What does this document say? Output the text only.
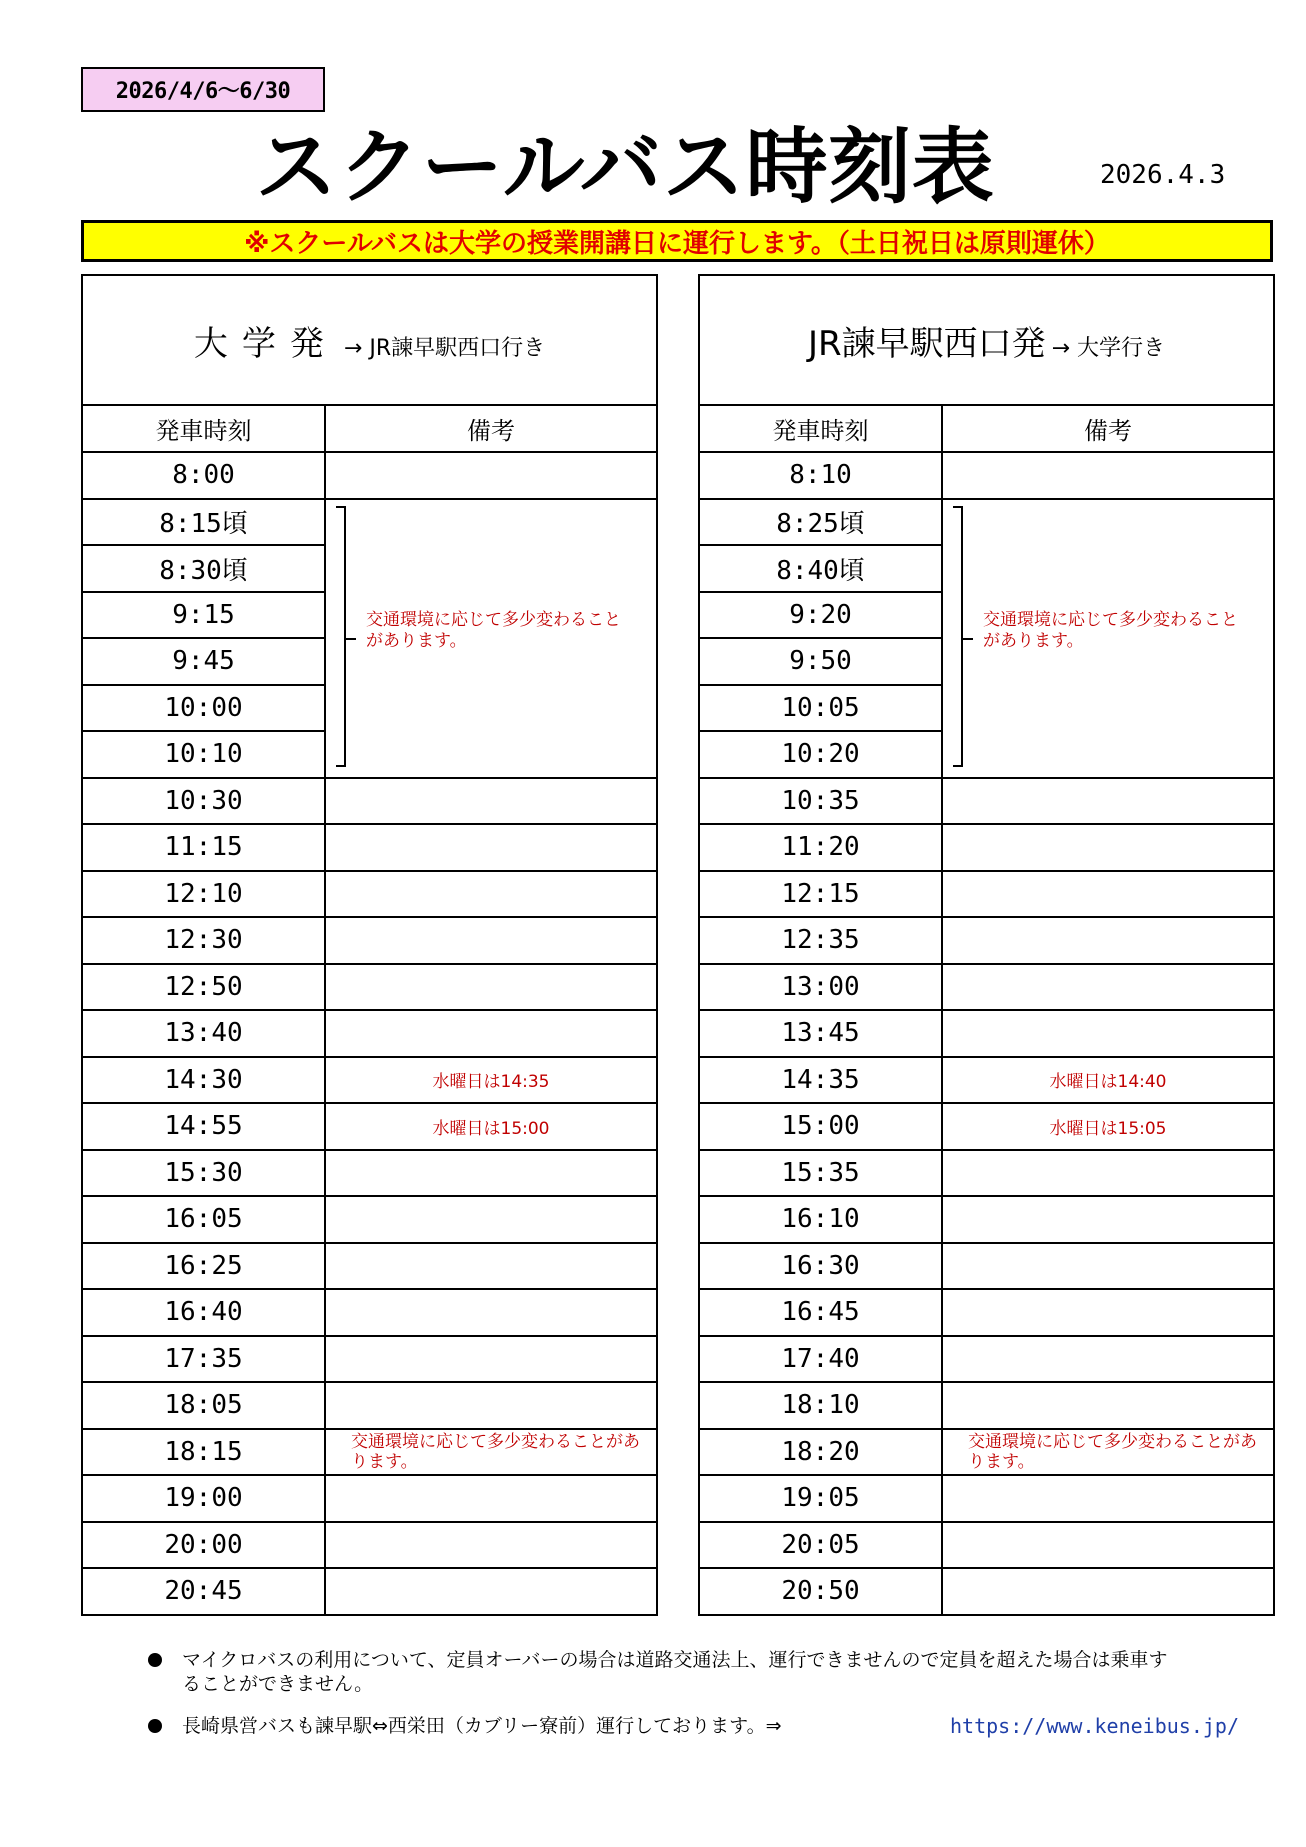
2026/4/6～6/30
スクールバス時刻表	2026.4.3
※スクールバスは大学の授業開講日に運行します。（土日祝日は原則運休）
大学発 → JR諫早駅西口行き	
発車時刻	備考
8:00	
8:15頃	交通環境に応じて多少変わることがあります。

8:30頃	
9:15	
9:45	
10:00	
10:10	
10:30	
11:15	
12:10	
12:30	
12:50	
13:40	
14:30	水曜日は14:35
14:55	水曜日は15:00
15:30	
16:05	
16:25	
16:40	
17:35	
18:05	
18:15	交通環境に応じて多少変わることがあります。
19:00	
20:00	
20:45	
JR諫早駅西口発 → 大学行き	
発車時刻	備考
8:10	
8:25頃	交通環境に応じて多少変わることがあります。

8:40頃	
9:20	
9:50	
10:05	
10:20	
10:35	
11:20	
12:15	
12:35	
13:00	
13:45	
14:35	水曜日は14:40
15:00	水曜日は15:05
15:35	
16:10	
16:30	
16:45	
17:40	
18:10	
18:20	交通環境に応じて多少変わることがあります。
19:05	
20:05	
20:50	
マイクロバスの利用について、定員オーバーの場合は道路交通法上、運行できませんので定員を超えた場合は乗車することができません。
長崎県営バスも諫早駅⇔西栄田（カブリー寮前）運行しております。⇒	https://www.keneibus.jp/
